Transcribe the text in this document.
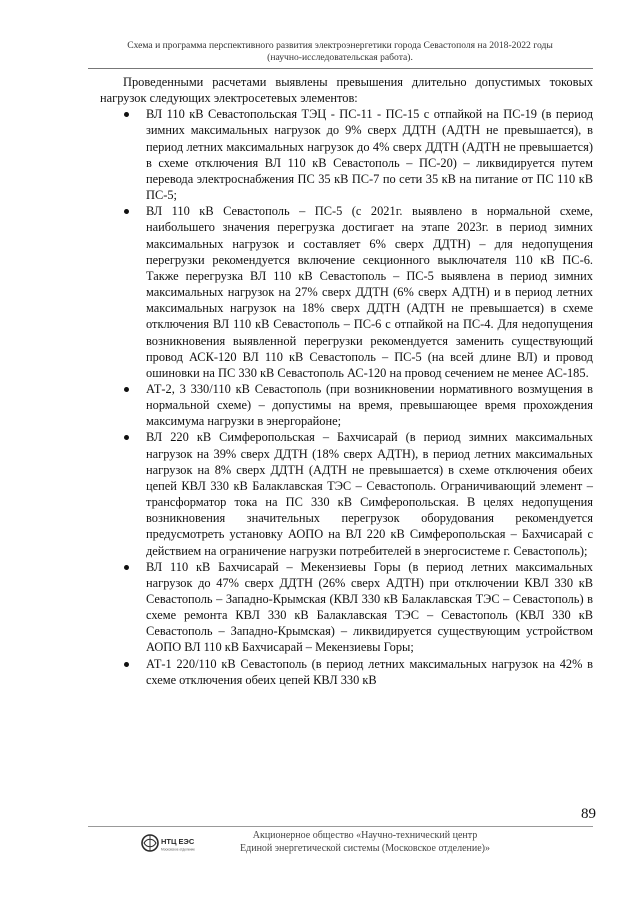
Схема и программа перспективного развития электроэнергетики города Севастополя на 2018-2022 годы
(научно-исследовательская работа).

Проведенными расчетами выявлены превышения длительно допустимых токовых нагрузок следующих электросетевых элементов:

ВЛ 110 кВ Севастопольская ТЭЦ - ПС-11 - ПС-15 с отпайкой на ПС-19 (в период зимних максимальных нагрузок до 9% сверх ДДТН (АДТН не превышается), в период летних максимальных нагрузок до 4% сверх ДДТН (АДТН не превышается) в схеме отключения ВЛ 110 кВ Севастополь – ПС-20) – ликвидируется путем перевода электроснабжения ПС 35 кВ ПС-7 по сети 35 кВ на питание от ПС 110 кВ ПС-5;
ВЛ 110 кВ Севастополь – ПС-5 (с 2021г. выявлено в нормальной схеме, наибольшего значения перегрузка достигает на этапе 2023г. в период зимних максимальных нагрузок и составляет 6% сверх ДДТН) – для недопущения перегрузки рекомендуется включение секционного выключателя 110 кВ ПС-6. Также перегрузка ВЛ 110 кВ Севастополь – ПС-5 выявлена в период зимних максимальных нагрузок на 27% сверх ДДТН (6% сверх АДТН) и в период летних максимальных нагрузок на 18% сверх ДДТН (АДТН не превышается) в схеме отключения ВЛ 110 кВ Севастополь – ПС-6 с отпайкой на ПС-4. Для недопущения возникновения выявленной перегрузки рекомендуется заменить существующий провод АСК-120 ВЛ 110 кВ Севастополь – ПС-5 (на всей длине ВЛ) и провод ошиновки на ПС 330 кВ Севастополь АС-120 на провод сечением не менее АС-185.
АТ-2, 3 330/110 кВ Севастополь (при возникновении нормативного возмущения в нормальной схеме) – допустимы на время, превышающее время прохождения максимума нагрузки в энергорайоне;
ВЛ 220 кВ Симферопольская – Бахчисарай (в период зимних максимальных нагрузок на 39% сверх ДДТН (18% сверх АДТН), в период летних максимальных нагрузок на 8% сверх ДДТН (АДТН не превышается) в схеме отключения обеих цепей КВЛ 330 кВ Балаклавская ТЭС – Севастополь. Ограничивающий элемент – трансформатор тока на ПС 330 кВ Симферопольская. В целях недопущения возникновения значительных перегрузок оборудования рекомендуется предусмотреть установку АОПО на ВЛ 220 кВ Симферопольская – Бахчисарай с действием на ограничение нагрузки потребителей в энергосистеме г. Севастополь);
ВЛ 110 кВ Бахчисарай – Мекензиевы Горы (в период летних максимальных нагрузок до 47% сверх ДДТН (26% сверх АДТН) при отключении КВЛ 330 кВ Севастополь – Западно-Крымская (КВЛ 330 кВ Балаклавская ТЭС – Севастополь) в схеме ремонта КВЛ 330 кВ Балаклавская ТЭС – Севастополь (КВЛ 330 кВ Севастополь – Западно-Крымская) – ликвидируется существующим устройством АОПО ВЛ 110 кВ Бахчисарай – Мекензиевы Горы;
АТ-1 220/110 кВ Севастополь (в период летних максимальных нагрузок на 42% в схеме отключения обеих цепей КВЛ 330 кВ
89
НТЦ ЕЭС
Московское отделение
Акционерное общество «Научно-технический центр
Единой энергетической системы (Московское отделение)»
